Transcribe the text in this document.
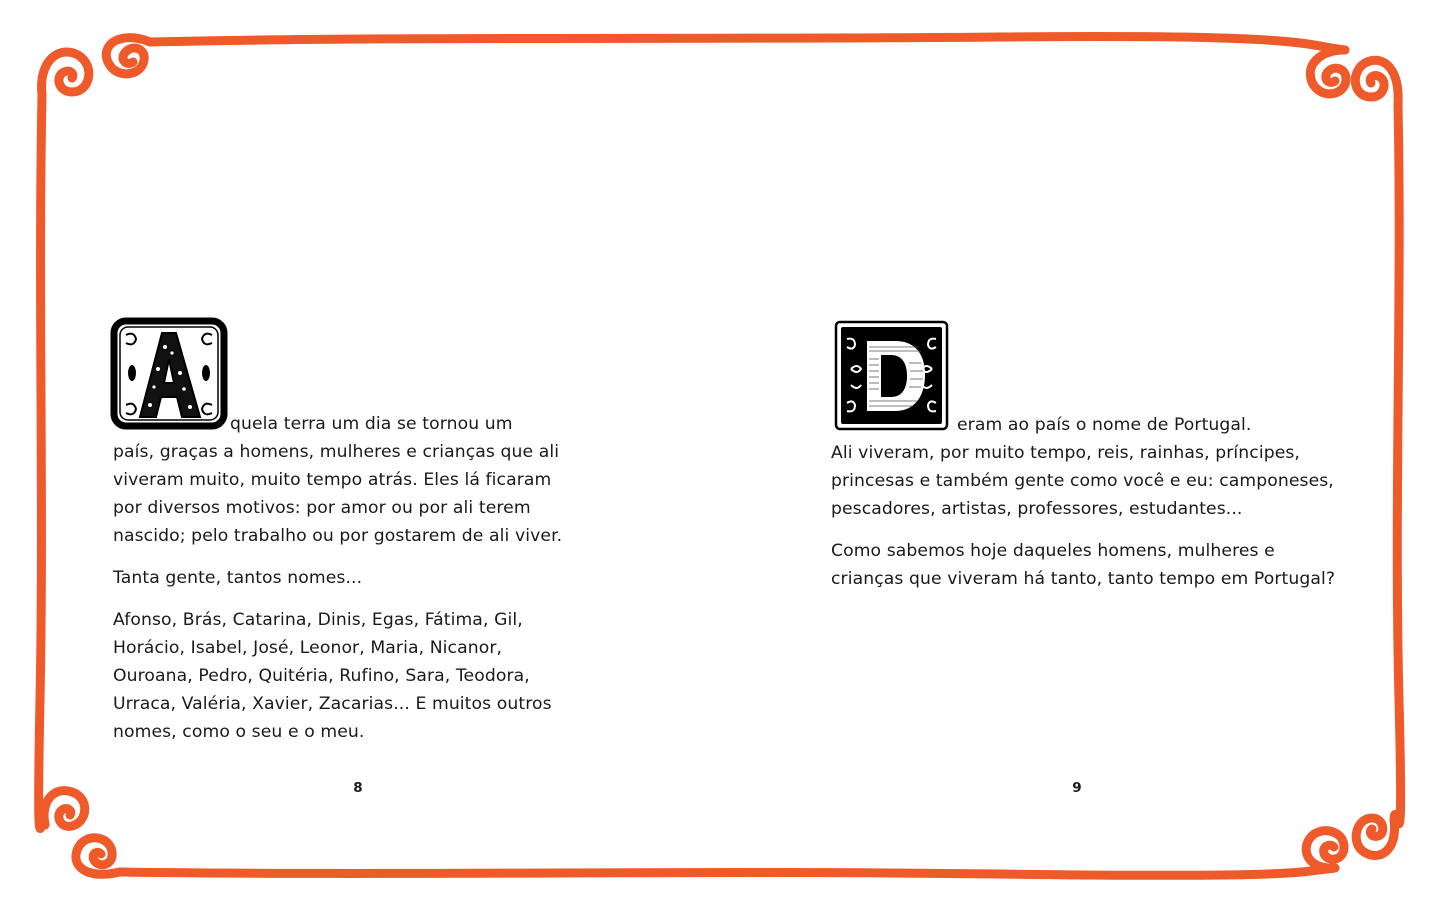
quela terra um dia se tornou um
país, graças a homens, mulheres e crianças que ali
viveram muito, muito tempo atrás. Eles lá ficaram
por diversos motivos: por amor ou por ali terem
nascido; pelo trabalho ou por gostarem de ali viver.

Tanta gente, tantos nomes...

Afonso, Brás, Catarina, Dinis, Egas, Fátima, Gil,
Horácio, Isabel, José, Leonor, Maria, Nicanor,
Ouroana, Pedro, Quitéria, Rufino, Sara, Teodora,
Urraca, Valéria, Xavier, Zacarias... E muitos outros
nomes, como o seu e o meu.

8

eram ao país o nome de Portugal.
Ali viveram, por muito tempo, reis, rainhas, príncipes,
princesas e também gente como você e eu: camponeses,
pescadores, artistas, professores, estudantes...

Como sabemos hoje daqueles homens, mulheres e
crianças que viveram há tanto, tanto tempo em Portugal?

9
